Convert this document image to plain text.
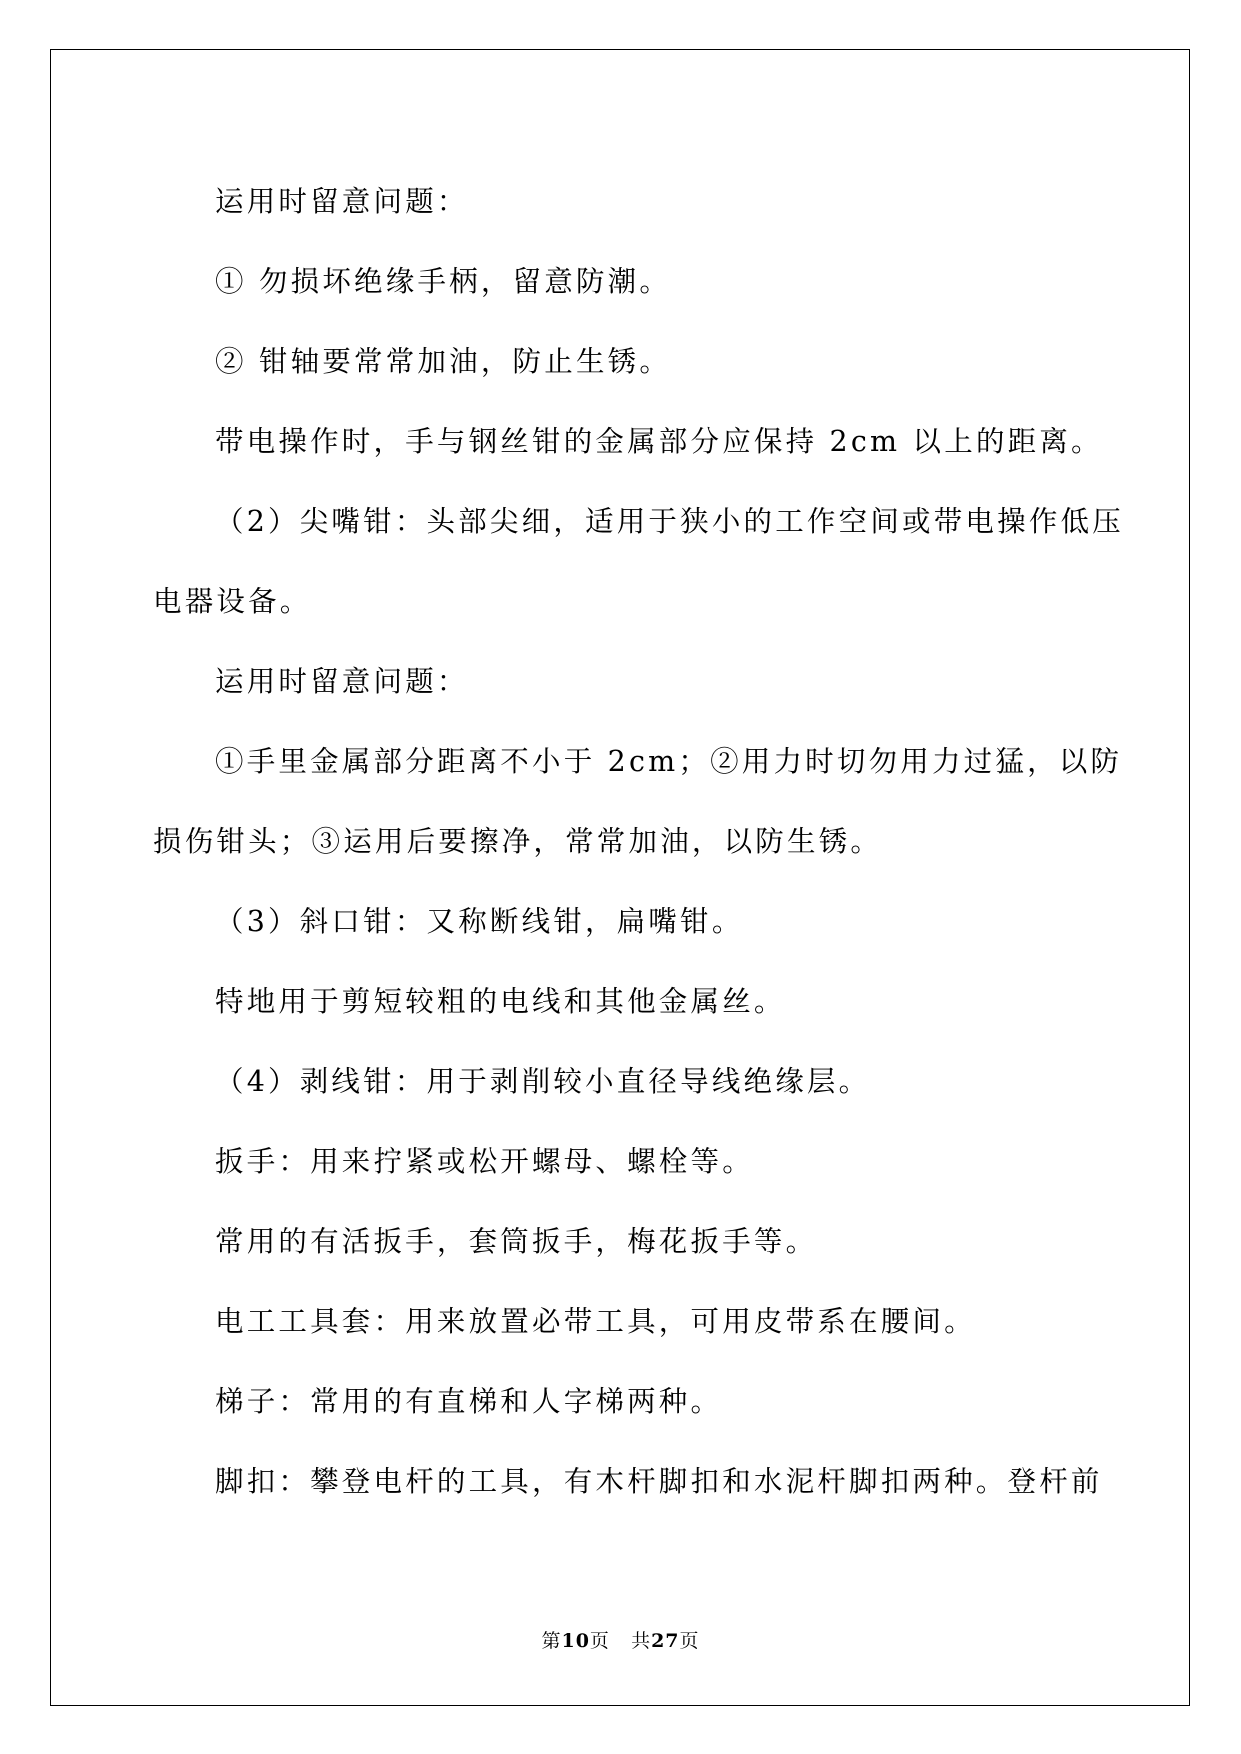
运用时留意问题：

① 勿损坏绝缘手柄，留意防潮。

② 钳轴要常常加油，防止生锈。

带电操作时，手与钢丝钳的金属部分应保持 2cm 以上的距离。

（2）尖嘴钳：头部尖细，适用于狭小的工作空间或带电操作低压

电器设备。

运用时留意问题：

①手里金属部分距离不小于 2cm；②用力时切勿用力过猛，以防

损伤钳头；③运用后要擦净，常常加油，以防生锈。

（3）斜口钳：又称断线钳，扁嘴钳。

特地用于剪短较粗的电线和其他金属丝。

（4）剥线钳：用于剥削较小直径导线绝缘层。

扳手：用来拧紧或松开螺母、螺栓等。

常用的有活扳手，套筒扳手，梅花扳手等。

电工工具套：用来放置必带工具，可用皮带系在腰间。

梯子：常用的有直梯和人字梯两种。

脚扣：攀登电杆的工具，有木杆脚扣和水泥杆脚扣两种。登杆前

第10页 共27页
